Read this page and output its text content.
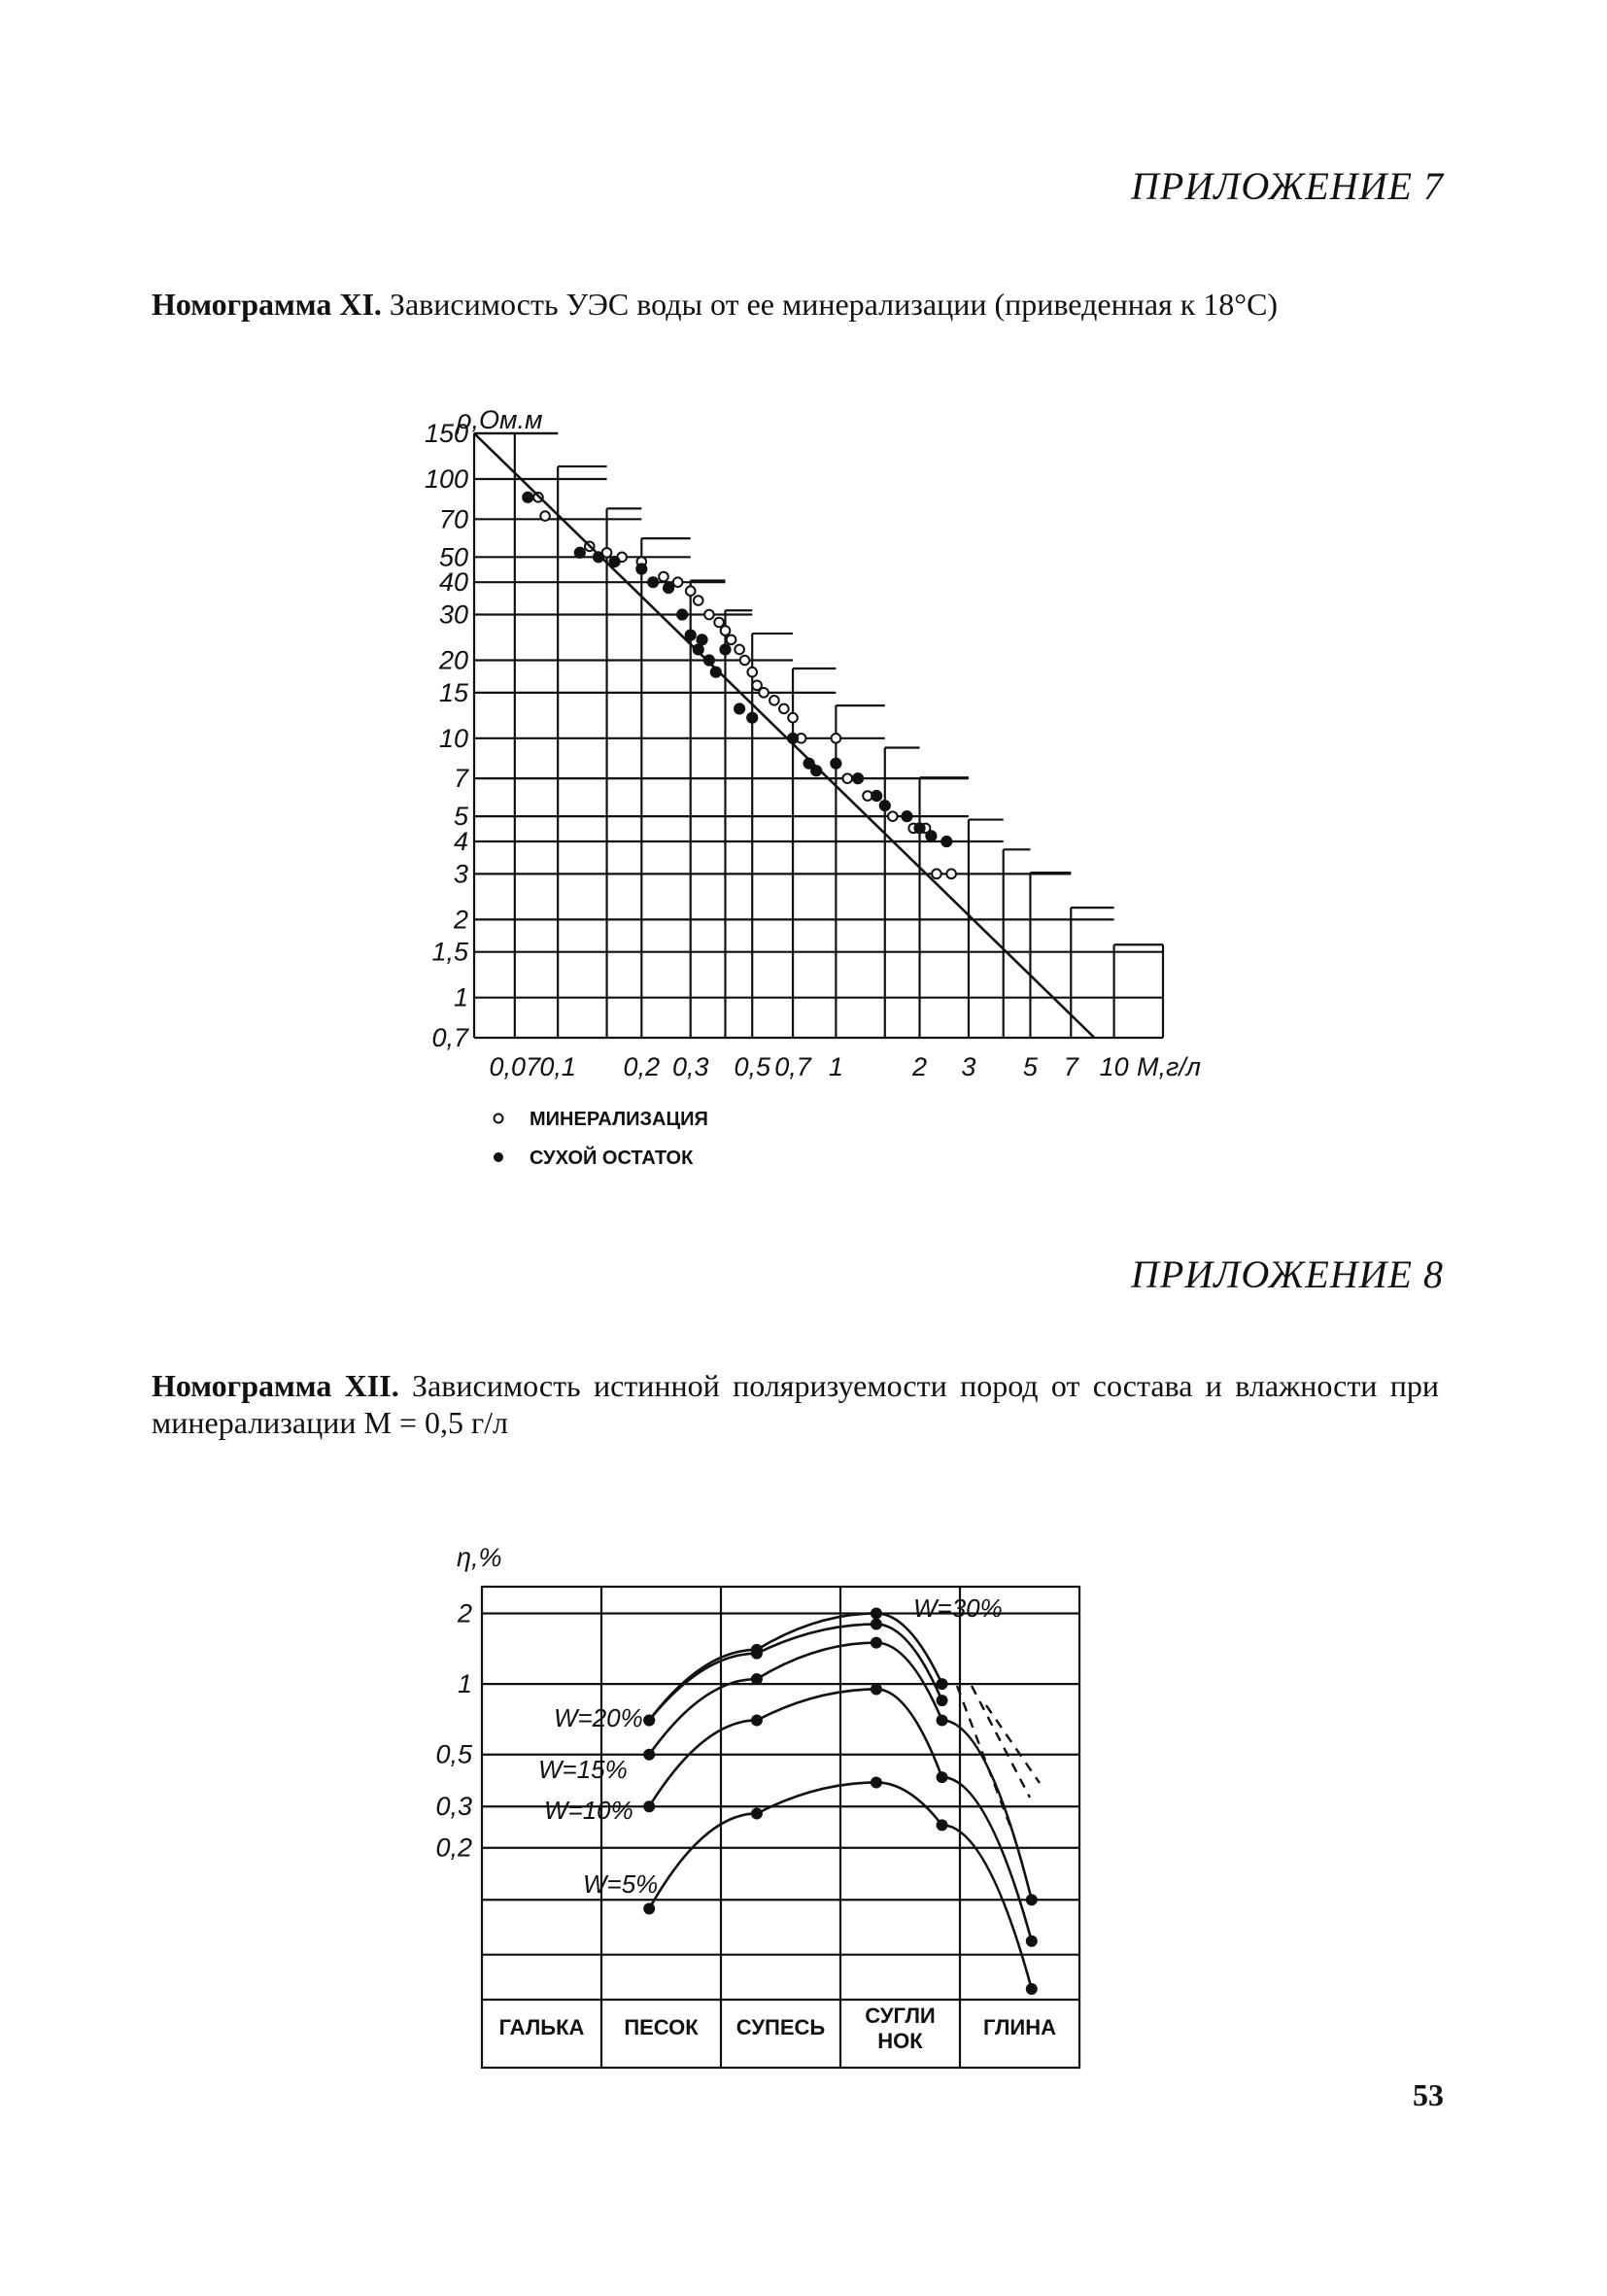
ПРИЛОЖЕНИЕ 7
Номограмма XI. Зависимость УЭС воды от ее минерализации (приведенная к 18°С)
150
100
70
50
40
30
20
15
10
7
5
4
3
2
1,5
1
0,7
0,07 0,1 0,2 0,3 0,5 0,7 1	2 3 5 7 10
ρ,Ом.м
М,г/л
МИНЕРАЛИЗАЦИЯ
СУХОЙ ОСТАТОК
ПРИЛОЖЕНИЕ 8
Номограмма XII. Зависимость истинной поляризуемости пород от состава и влажности при минерализации М = 0,5 г/л
2
1
0,5
0,3
0,2
W=30%
W=20%
W=15%
W=10%
W=5%
ГАЛЬКА ПЕСОК СУПЕСЬ СУГЛИ НОК
ГЛИНА
η,%
53
